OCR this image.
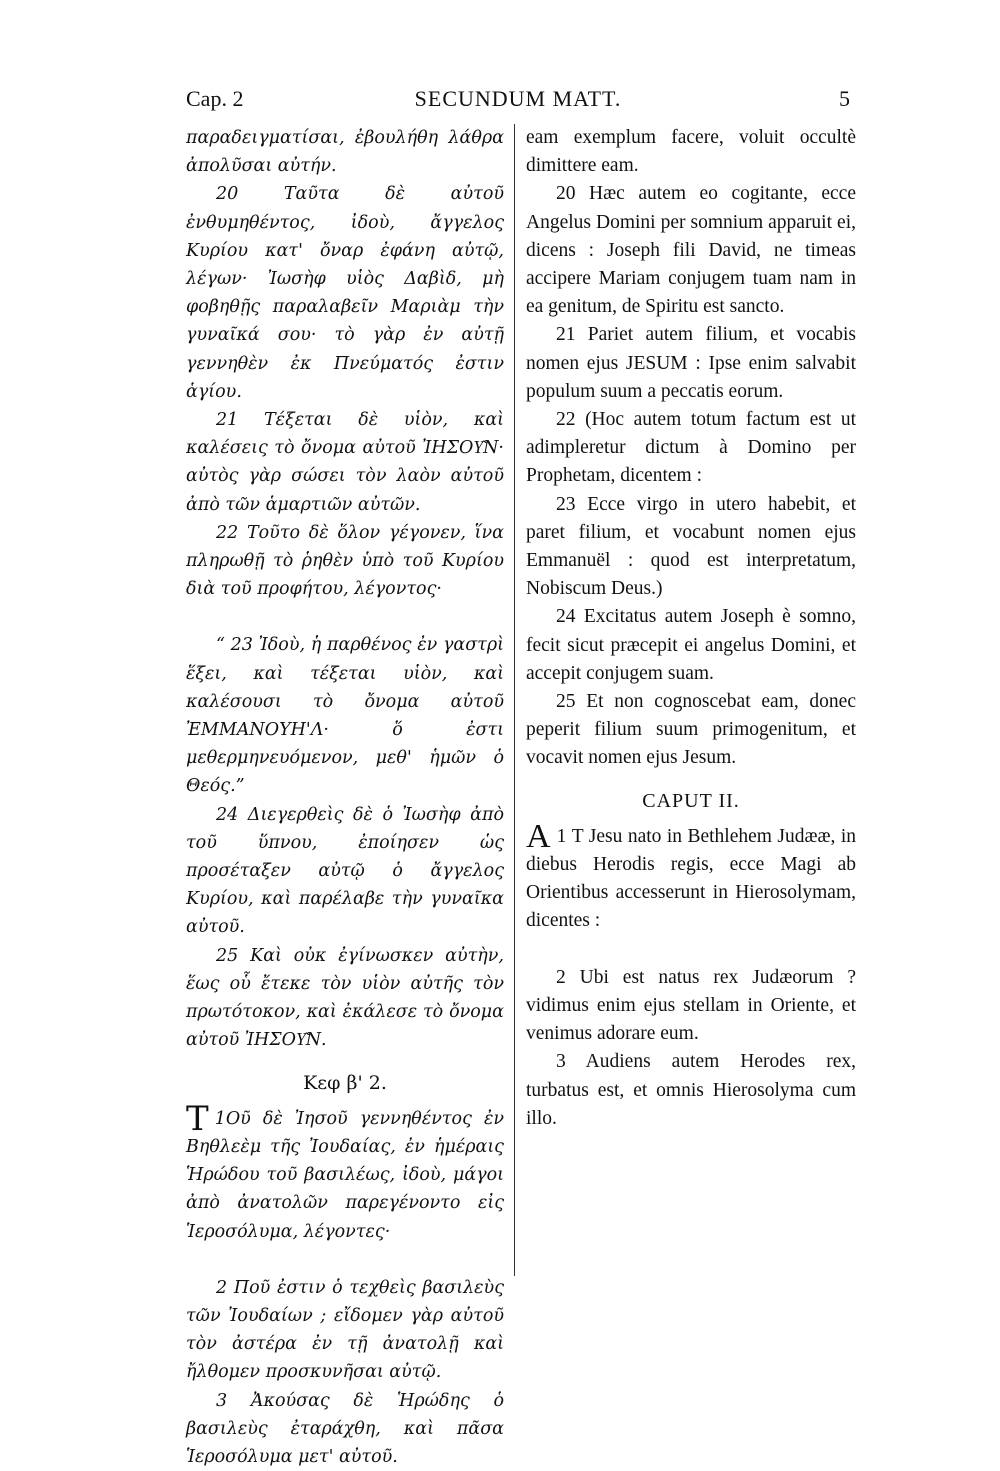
Cap. 2	SECUNDUM MATT.	5

παραδειγματίσαι, ἐβουλήθη λάθρα ἀπολῦσαι αὐτήν.

20 Ταῦτα δὲ αὐτοῦ ἐνθυμηθέντος, ἰδοὺ, ἄγγελος Κυρίου κατ' ὄναρ ἐφάνη αὐτῷ, λέγων· Ἰωσὴφ υἱὸς Δαβὶδ, μὴ φοβηθῇς παραλαβεῖν Μαριὰμ τὴν γυναῖκά σου· τὸ γὰρ ἐν αὐτῇ γεννηθὲν ἐκ Πνεύματός ἐστιν ἁγίου.

21 Τέξεται δὲ υἱὸν, καὶ καλέσεις τὸ ὄνομα αὐτοῦ ἸΗΣΟΥ͂Ν· αὐτὸς γὰρ σώσει τὸν λαὸν αὐτοῦ ἀπὸ τῶν ἁμαρτιῶν αὐτῶν.

22 Τοῦτο δὲ ὅλον γέγονεν, ἵνα πληρωθῇ τὸ ῥηθὲν ὑπὸ τοῦ Κυρίου διὰ τοῦ προφήτου, λέγοντος·

“ 23 Ἰδοὺ, ἡ παρθένος ἐν γαστρὶ ἕξει, καὶ τέξεται υἱὸν, καὶ καλέσουσι τὸ ὄνομα αὐτοῦ ἘΜΜΑΝΟΥΗ'Λ· ὅ ἐστι μεθερμηνευόμενον, μεθ' ἡμῶν ὁ Θεός.”

24 Διεγερθεὶς δὲ ὁ Ἰωσὴφ ἀπὸ τοῦ ὕπνου, ἐποίησεν ὡς προσέταξεν αὐτῷ ὁ ἄγγελος Κυρίου, καὶ παρέλαβε τὴν γυναῖκα αὐτοῦ.

25 Καὶ οὐκ ἐγίνωσκεν αὐτὴν, ἕως οὗ ἔτεκε τὸν υἱὸν αὐτῆς τὸν πρωτότοκον, καὶ ἐκάλεσε τὸ ὄνομα αὐτοῦ ἸΗΣΟΥ͂Ν.

Κεφ β' 2.

1
Τ Οῦ δὲ Ἰησοῦ γεννηθέντος ἐν Βηθλεὲμ τῆς Ἰουδαίας, ἐν ἡμέραις Ἡρώδου τοῦ βασιλέως, ἰδοὺ, μάγοι ἀπὸ ἀνατολῶν παρεγένοντο εἰς Ἱεροσόλυμα, λέγοντες·

2 Ποῦ ἐστιν ὁ τεχθεὶς βασιλεὺς τῶν Ἰουδαίων ; εἴδομεν γὰρ αὐτοῦ τὸν ἀστέρα ἐν τῇ ἀνατολῇ καὶ ἤλθομεν προσκυνῆσαι αὐτῷ.

3 Ἀκούσας δὲ Ἡρώδης ὁ βασιλεὺς ἐταράχθη, καὶ πᾶσα Ἱεροσόλυμα μετ' αὐτοῦ.

eam exemplum facere, voluit occultè dimittere eam.

20 Hæc autem eo cogitante, ecce Angelus Domini per somnium apparuit ei, dicens : Joseph fili David, ne timeas accipere Mariam conjugem tuam nam in ea genitum, de Spiritu est sancto.

21 Pariet autem filium, et vocabis nomen ejus JESUM : Ipse enim salvabit populum suum a peccatis eorum.

22 (Hoc autem totum factum est ut adimpleretur dictum à Domino per Prophetam, dicentem :

23 Ecce virgo in utero habebit, et paret filium, et vocabunt nomen ejus Emmanuël : quod est interpretatum, Nobiscum Deus.)

24 Excitatus autem Joseph è somno, fecit sicut præcepit ei angelus Domini, et accepit conjugem suam.

25 Et non cognoscebat eam, donec peperit filium suum primogenitum, et vocavit nomen ejus Jesum.

CAPUT II.

1
A T Jesu nato in Bethlehem Judææ, in diebus Herodis regis, ecce Magi ab Orientibus accesserunt in Hierosolymam, dicentes :

2 Ubi est natus rex Judæorum ? vidimus enim ejus stellam in Oriente, et venimus adorare eum.

3 Audiens autem Herodes rex, turbatus est, et omnis Hierosolyma cum illo.
